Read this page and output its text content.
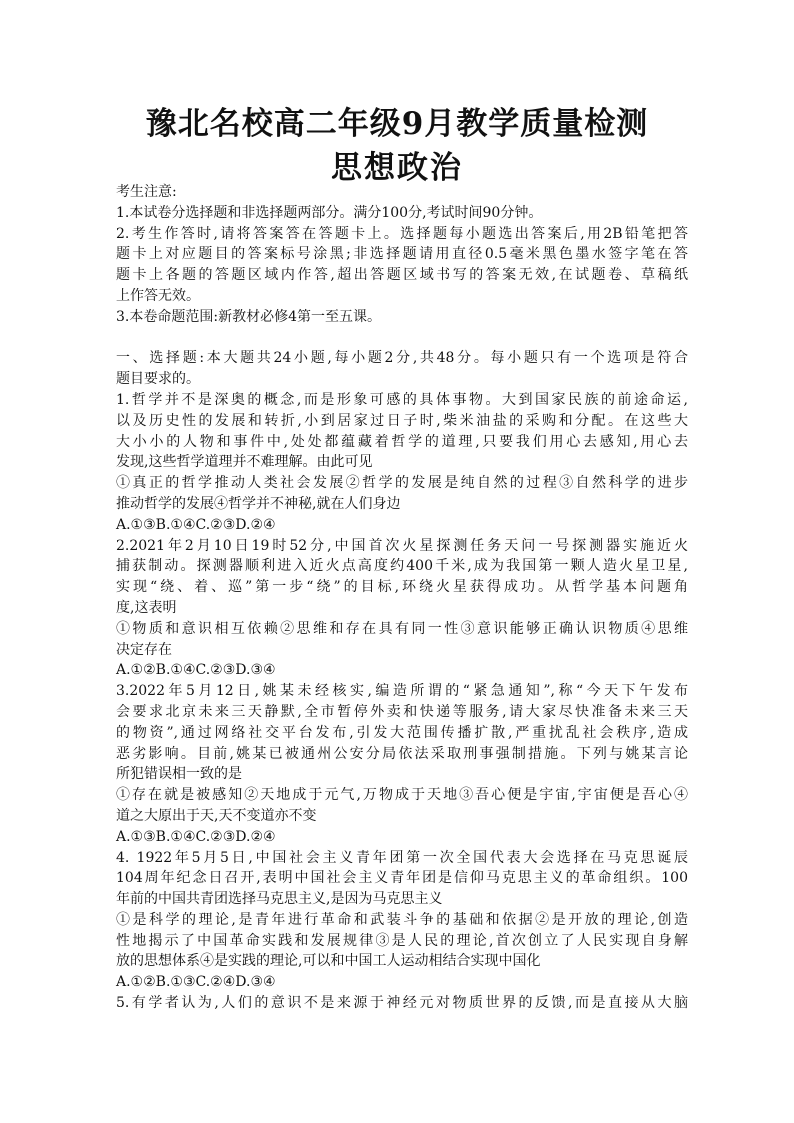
豫北名校高二年级9月教学质量检测
思想政治
考生注意:
1.本试卷分选择题和非选择题两部分。满分100分,考试时间90分钟。
2.考生作答时,请将答案答在答题卡上。选择题每小题选出答案后,用2B铅笔把答
题卡上对应题目的答案标号涂黑;非选择题请用直径0.5毫米黑色墨水签字笔在答
题卡上各题的答题区域内作答,超出答题区域书写的答案无效,在试题卷、草稿纸
上作答无效。
3.本卷命题范围:新教材必修4第一至五课。
一、选择题:本大题共24小题,每小题2分,共48分。每小题只有一个选项是符合
题目要求的。
1.哲学并不是深奥的概念,而是形象可感的具体事物。大到国家民族的前途命运,
以及历史性的发展和转折,小到居家过日子时,柴米油盐的采购和分配。在这些大
大小小的人物和事件中,处处都蕴藏着哲学的道理,只要我们用心去感知,用心去
发现,这些哲学道理并不难理解。由此可见
①真正的哲学推动人类社会发展②哲学的发展是纯自然的过程③自然科学的进步
推动哲学的发展④哲学并不神秘,就在人们身边
A.①③B.①④C.②③D.②④
2.2021年2月10日19时52分,中国首次火星探测任务天问一号探测器实施近火
捕获制动。探测器顺利进入近火点高度约400千米,成为我国第一颗人造火星卫星,
实现“绕、着、巡”第一步“绕”的目标,环绕火星获得成功。从哲学基本问题角
度,这表明
①物质和意识相互依赖②思维和存在具有同一性③意识能够正确认识物质④思维
决定存在
A.①②B.①④C.②③D.③④
3.2022年5月12日,姚某未经核实,编造所谓的“紧急通知”,称“今天下午发布
会要求北京未来三天静默,全市暂停外卖和快递等服务,请大家尽快准备未来三天
的物资”,通过网络社交平台发布,引发大范围传播扩散,严重扰乱社会秩序,造成
恶劣影响。目前,姚某已被通州公安分局依法采取刑事强制措施。下列与姚某言论
所犯错误相一致的是
①存在就是被感知②天地成于元气,万物成于天地③吾心便是宇宙,宇宙便是吾心④
道之大原出于天,天不变道亦不变
A.①③B.①④C.②③D.②④
4. 1922年5月5日,中国社会主义青年团第一次全国代表大会选择在马克思诞辰
104周年纪念日召开,表明中国社会主义青年团是信仰马克思主义的革命组织。100
年前的中国共青团选择马克思主义,是因为马克思主义
①是科学的理论,是青年进行革命和武装斗争的基础和依据②是开放的理论,创造
性地揭示了中国革命实践和发展规律③是人民的理论,首次创立了人民实现自身解
放的思想体系④是实践的理论,可以和中国工人运动相结合实现中国化
A.①②B.①③C.②④D.③④
5.有学者认为,人们的意识不是来源于神经元对物质世界的反馈,而是直接从大脑
